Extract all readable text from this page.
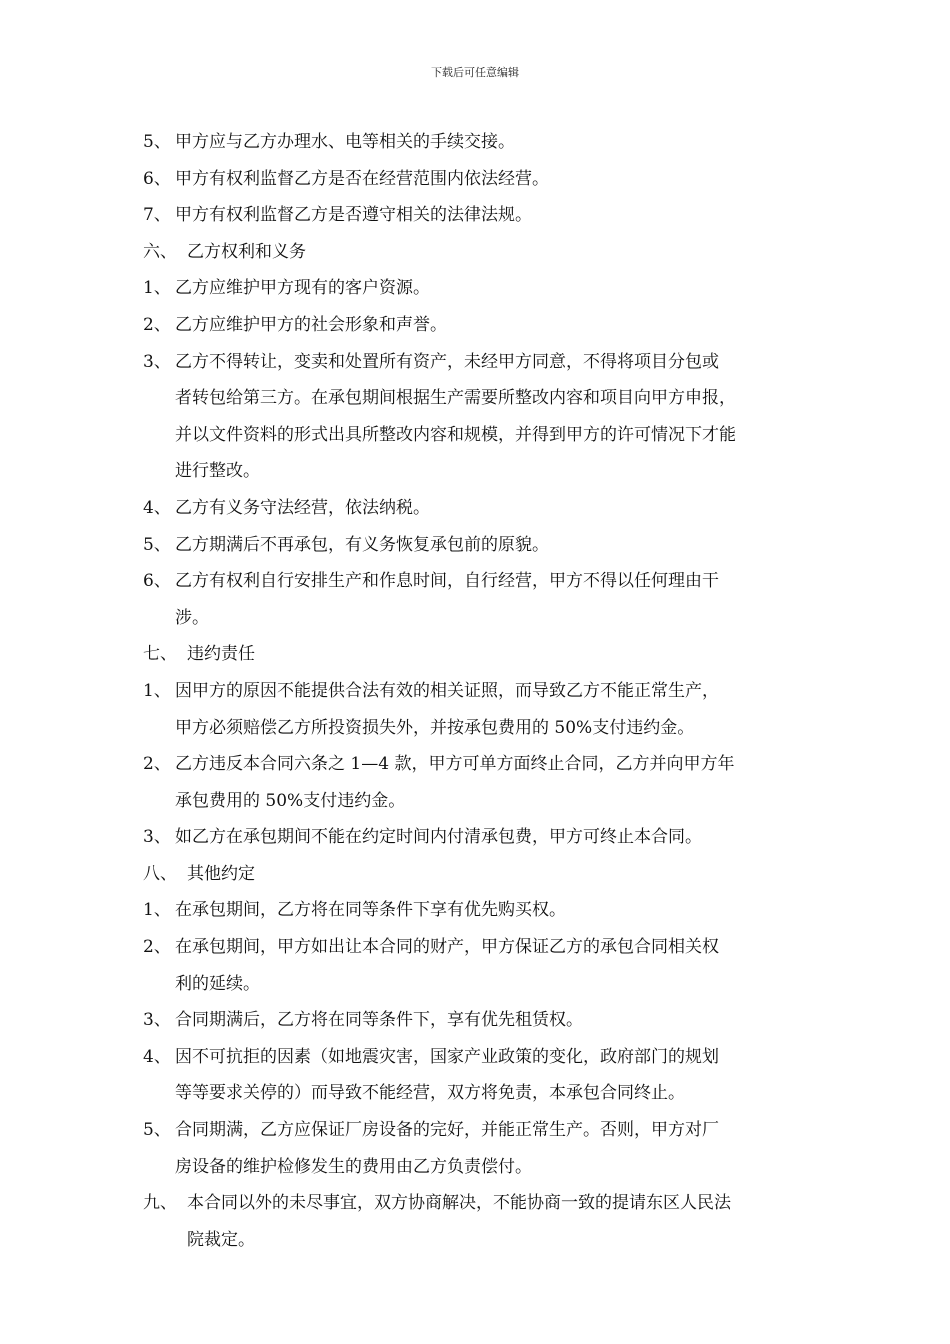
下载后可任意编辑
5、 甲方应与乙方办理水、电等相关的手续交接。
6、 甲方有权利监督乙方是否在经营范围内依法经营。
7、 甲方有权利监督乙方是否遵守相关的法律法规。
六、 乙方权利和义务
1、 乙方应维护甲方现有的客户资源。
2、 乙方应维护甲方的社会形象和声誉。
3、 乙方不得转让，变卖和处置所有资产，未经甲方同意，不得将项目分包或
者转包给第三方。在承包期间根据生产需要所整改内容和项目向甲方申报，
并以文件资料的形式出具所整改内容和规模，并得到甲方的许可情况下才能
进行整改。
4、 乙方有义务守法经营，依法纳税。
5、 乙方期满后不再承包，有义务恢复承包前的原貌。
6、 乙方有权利自行安排生产和作息时间，自行经营，甲方不得以任何理由干
涉。
七、 违约责任
1、 因甲方的原因不能提供合法有效的相关证照，而导致乙方不能正常生产，
甲方必须赔偿乙方所投资损失外，并按承包费用的 50%支付违约金。
2、 乙方违反本合同六条之 1—4 款，甲方可单方面终止合同，乙方并向甲方年
承包费用的 50%支付违约金。
3、 如乙方在承包期间不能在约定时间内付清承包费，甲方可终止本合同。
八、 其他约定
1、 在承包期间，乙方将在同等条件下享有优先购买权。
2、 在承包期间，甲方如出让本合同的财产，甲方保证乙方的承包合同相关权
利的延续。
3、 合同期满后，乙方将在同等条件下，享有优先租赁权。
4、 因不可抗拒的因素（如地震灾害，国家产业政策的变化，政府部门的规划
等等要求关停的）而导致不能经营，双方将免责，本承包合同终止。
5、 合同期满，乙方应保证厂房设备的完好，并能正常生产。否则，甲方对厂
房设备的维护检修发生的费用由乙方负责偿付。
九、 本合同以外的未尽事宜，双方协商解决，不能协商一致的提请东区人民法
院裁定。
